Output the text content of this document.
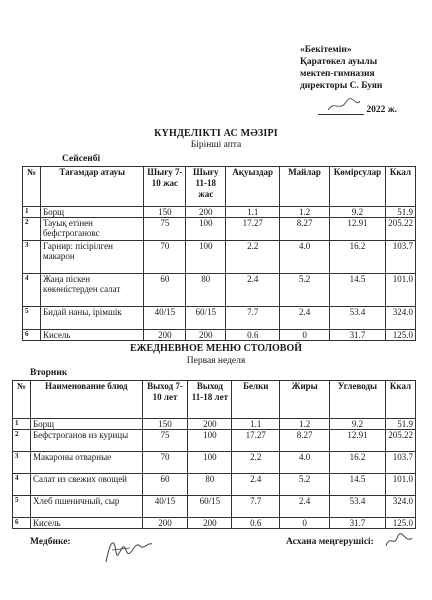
«Бекітемін»
Қаратөкел ауылы
мектеп-гимназия
директоры С. Буян
2022 ж.
КҮНДЕЛІКТІ АС МӘЗІРІ
Бірінші апта
Сейсенбі
№	Тағамдар атауы	Шығу 7-10 жас	Шығу 11-18 жас	Ақуыздар	Майлар	Көмірсулар	Ккал
1	Борщ	150	200	1.1	1.2	9.2	51.9
2	Тауық етінен бефстрогановс	75	100	17.27	8.27	12.91	205.22
3	Гарнир: пісірілген макарон	70	100	2.2	4.0	16.2	103.7
4	Жаңа піскен көкөністерден салат	60	80	2.4	5.2	14.5	101.0
5	Бидай наны, ірімшік	40/15	60/15	7.7	2.4	53.4	324.0
6	Кисель	200	200	0.6	0	31.7	125.0
ЕЖЕДНЕВНОЕ МЕНЮ СТОЛОВОЙ
Первая неделя
Вторник
№	Наименование блюд	Выход 7-10 лет	Выход 11-18 лет	Белки	Жиры	Углеводы	Ккал
1	Борщ	150	200	1.1	1.2	9.2	51.9
2	Бефстроганов из курицы	75	100	17.27	8.27	12.91	205.22
3	Макароны отварные	70	100	2.2	4.0	16.2	103.7
4	Салат из свежих овощей	60	80	2.4	5.2	14.5	101.0
5	Хлеб пшеничный, сыр	40/15	60/15	7.7	2.4	53.4	324.0
6	Кисель	200	200	0.6	0	31.7	125.0
Медбике:	Асхана меңгерушісі:
